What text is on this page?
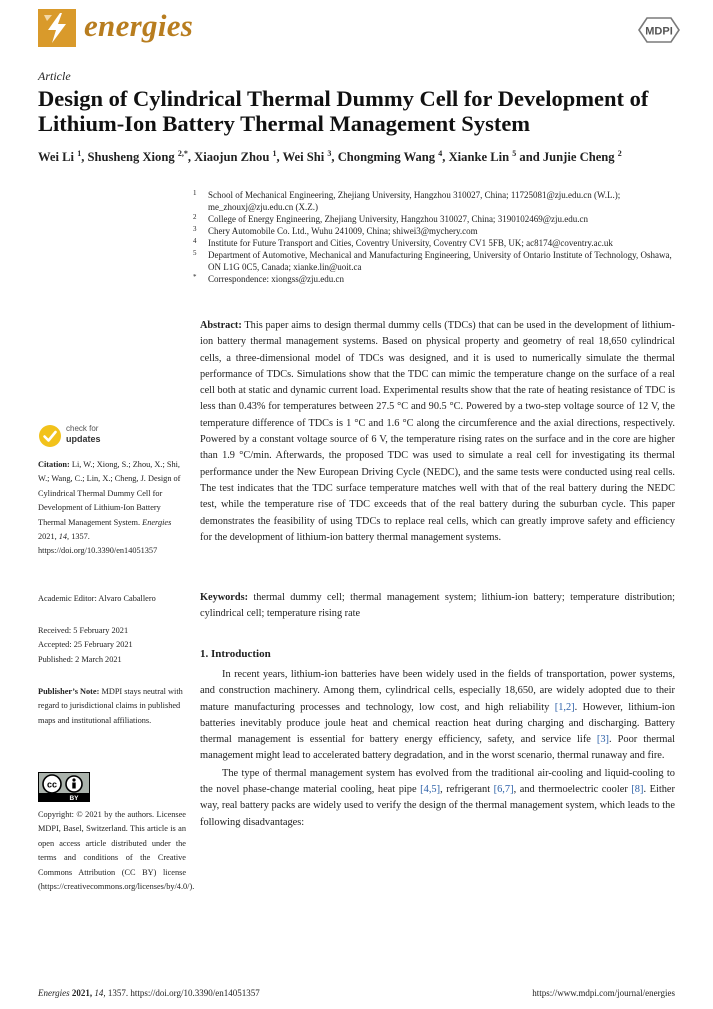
energies	MDPI
Article
Design of Cylindrical Thermal Dummy Cell for Development of Lithium-Ion Battery Thermal Management System
Wei Li $^1$, Shusheng Xiong $^{2,*}$, Xiaojun Zhou $^1$, Wei Shi $^3$, Chongming Wang $^4$, Xianke Lin $^5$ and Junjie Cheng $^2$
1 School of Mechanical Engineering, Zhejiang University, Hangzhou 310027, China; 11725081@zju.edu.cn (W.L.); me_zhouxj@zju.edu.cn (X.Z.)
2 College of Energy Engineering, Zhejiang University, Hangzhou 310027, China; 3190102469@zju.edu.cn
3 Chery Automobile Co. Ltd., Wuhu 241009, China; shiwei3@mychery.com
4 Institute for Future Transport and Cities, Coventry University, Coventry CV1 5FB, UK; ac8174@coventry.ac.uk
5 Department of Automotive, Mechanical and Manufacturing Engineering, University of Ontario Institute of Technology, Oshawa, ON L1G 0C5, Canada; xianke.lin@uoit.ca
* Correspondence: xiongss@zju.edu.cn
Abstract: This paper aims to design thermal dummy cells (TDCs) that can be used in the development of lithium-ion battery thermal management systems. Based on physical property and geometry of real 18,650 cylindrical cells, a three-dimensional model of TDCs was designed, and it is used to numerically simulate the thermal performance of TDCs. Simulations show that the TDC can mimic the temperature change on the surface of a real cell both at static and dynamic current load. Experimental results show that the rate of heating resistance of TDC is less than 0.43% for temperatures between 27.5 °C and 90.5 °C. Powered by a two-step voltage source of 12 V, the temperature difference of TDCs is 1 °C and 1.6 °C along the circumference and the axial directions, respectively. Powered by a constant voltage source of 6 V, the temperature rising rates on the surface and in the core are higher than 1.9 °C/min. Afterwards, the proposed TDC was used to simulate a real cell for investigating its thermal performance under the New European Driving Cycle (NEDC), and the same tests were conducted using real cells. The test indicates that the TDC surface temperature matches well with that of the real battery during the NEDC test, while the temperature rise of TDC exceeds that of the real battery during the suburban cycle. This paper demonstrates the feasibility of using TDCs to replace real cells, which can greatly improve safety and efficiency for the development of lithium-ion battery thermal management systems.
Keywords: thermal dummy cell; thermal management system; lithium-ion battery; temperature distribution; cylindrical cell; temperature rising rate
check for
updates
Citation: Li, W.; Xiong, S.; Zhou, X.; Shi, W.; Wang, C.; Lin, X.; Cheng, J. Design of Cylindrical Thermal Dummy Cell for Development of Lithium-Ion Battery Thermal Management System. Energies 2021, 14, 1357. https://doi.org/10.3390/en14051357
Academic Editor: Alvaro Caballero
Received: 5 February 2021
Accepted: 25 February 2021
Published: 2 March 2021
Publisher’s Note: MDPI stays neutral with regard to jurisdictional claims in published maps and institutional affiliations.
cc
BY
Copyright: © 2021 by the authors. Licensee MDPI, Basel, Switzerland. This article is an open access article distributed under the terms and conditions of the Creative Commons Attribution (CC BY) license (https://creativecommons.org/licenses/by/4.0/).
1. Introduction

In recent years, lithium-ion batteries have been widely used in the fields of transportation, power systems, and construction machinery. Among them, cylindrical cells, especially 18,650, are widely adopted due to their mature manufacturing processes and technology, low cost, and high reliability [1,2]. However, lithium-ion batteries inevitably produce joule heat and chemical reaction heat during charging and discharging. Battery thermal management is essential for battery energy efficiency, safety, and service life [3]. Poor thermal management might lead to accelerated battery degradation, and in the worst scenario, thermal runaway and fire.

The type of thermal management system has evolved from the traditional air-cooling and liquid-cooling to the novel phase-change material cooling, heat pipe [4,5], refrigerant [6,7], and thermoelectric cooler [8]. Either way, real battery packs are widely used to verify the design of the thermal management system, which leads to the following disadvantages:

Energies 2021, 14, 1357. https://doi.org/10.3390/en14051357	https://www.mdpi.com/journal/energies
